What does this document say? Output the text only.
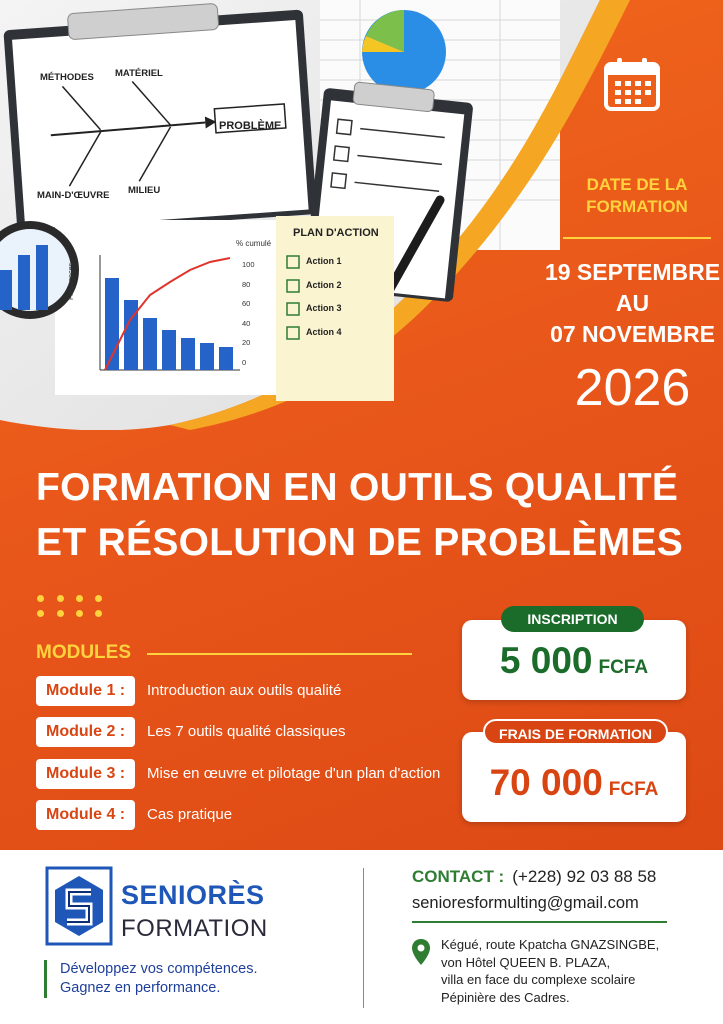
MÉTHODES MATÉRIEL
PROBLÈME
MAIN-D'ŒUVRE MILIEU
% cumulé
Fréquences	100
80
60
40
20
0
PLAN D'ACTION
Action 1
Action 2
Action 3
Action 4
DATE DE LA
FORMATION
19 SEPTEMBRE
AU
07 NOVEMBRE
2026
FORMATION EN OUTILS QUALITÉ
ET RÉSOLUTION DE PROBLÈMES
MODULES
Module 1 :	Introduction aux outils qualité
Module 2 :	Les 7 outils qualité classiques
Module 3 :	Mise en œuvre et pilotage d'un plan d'action
Module 4 :	Cas pratique
5 000 FCFA
INSCRIPTION
70 000 FCFA
FRAIS DE FORMATION
SENIORÈS
FORMATION
Développez vos compétences.
Gagnez en performance.
CONTACT : (+228) 92 03 88 58
senioresformulting@gmail.com
Kégué, route Kpatcha GNAZSINGBE,
von Hôtel QUEEN B. PLAZA,
villa en face du complexe scolaire
Pépinière des Cadres.
